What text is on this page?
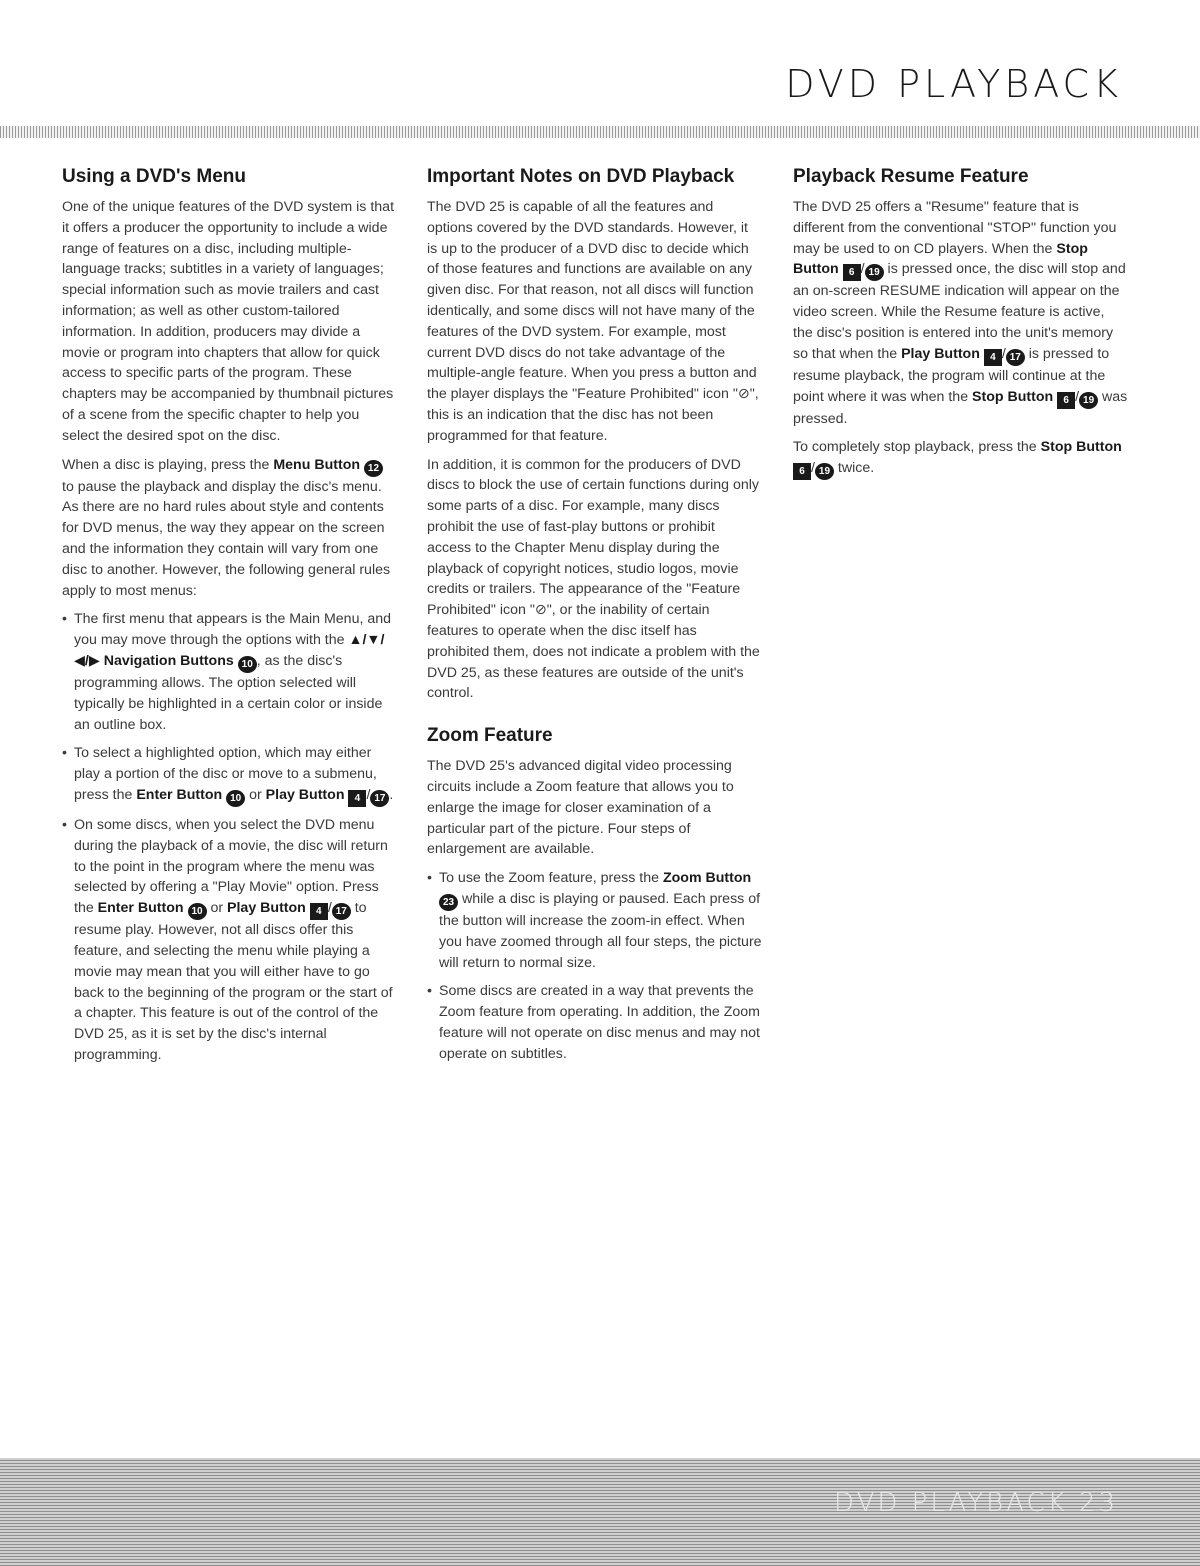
DVD PLAYBACK
Using a DVD's Menu

One of the unique features of the DVD system is that it offers a producer the opportunity to include a wide range of features on a disc, including multiple-language tracks; subtitles in a variety of languages; special information such as movie trailers and cast information; as well as other custom-tailored information. In addition, producers may divide a movie or program into chapters that allow for quick access to specific parts of the program. These chapters may be accompanied by thumbnail pictures of a scene from the specific chapter to help you select the desired spot on the disc.

When a disc is playing, press the Menu Button 12 to pause the playback and display the disc's menu. As there are no hard rules about style and contents for DVD menus, the way they appear on the screen and the information they contain will vary from one disc to another. However, the following general rules apply to most menus:

• The first menu that appears is the Main Menu, and you may move through the options with the ▲/▼/◀/▶ Navigation Buttons 10 , as the disc's programming allows. The option selected will typically be highlighted in a certain color or inside an outline box.
• To select a highlighted option, which may either play a portion of the disc or move to a submenu, press the Enter Button 10 or Play Button 4 / 17 .
• On some discs, when you select the DVD menu during the playback of a movie, the disc will return to the point in the program where the menu was selected by offering a "Play Movie" option. Press the Enter Button 10 or Play Button 4 / 17 to resume play. However, not all discs offer this feature, and selecting the menu while playing a movie may mean that you will either have to go back to the beginning of the program or the start of a chapter. This feature is out of the control of the DVD 25, as it is set by the disc's internal programming.
Important Notes on DVD Playback

The DVD 25 is capable of all the features and options covered by the DVD standards. However, it is up to the producer of a DVD disc to decide which of those features and functions are available on any given disc. For that reason, not all discs will function identically, and some discs will not have many of the features of the DVD system. For example, most current DVD discs do not take advantage of the multiple-angle feature. When you press a button and the player displays the "Feature Prohibited" icon "⊘", this is an indication that the disc has not been programmed for that feature.

In addition, it is common for the producers of DVD discs to block the use of certain functions during only some parts of a disc. For example, many discs prohibit the use of fast-play buttons or prohibit access to the Chapter Menu display during the playback of copyright notices, studio logos, movie credits or trailers. The appearance of the "Feature Prohibited" icon "⊘", or the inability of certain features to operate when the disc itself has prohibited them, does not indicate a problem with the DVD 25, as these features are outside of the unit's control.

Zoom Feature

The DVD 25's advanced digital video processing circuits include a Zoom feature that allows you to enlarge the image for closer examination of a particular part of the picture. Four steps of enlargement are available.

• To use the Zoom feature, press the Zoom Button 23 while a disc is playing or paused. Each press of the button will increase the zoom-in effect. When you have zoomed through all four steps, the picture will return to normal size.
• Some discs are created in a way that prevents the Zoom feature from operating. In addition, the Zoom feature will not operate on disc menus and may not operate on subtitles.
Playback Resume Feature

The DVD 25 offers a "Resume" feature that is different from the conventional "STOP" function you may be used to on CD players. When the Stop Button 6 / 19 is pressed once, the disc will stop and an on-screen RESUME indication will appear on the video screen. While the Resume feature is active, the disc's position is entered into the unit's memory so that when the Play Button 4 / 17 is pressed to resume playback, the program will continue at the point where it was when the Stop Button 6 / 19 was pressed.

To completely stop playback, press the Stop Button 6 / 19 twice.

DVD PLAYBACK 23
